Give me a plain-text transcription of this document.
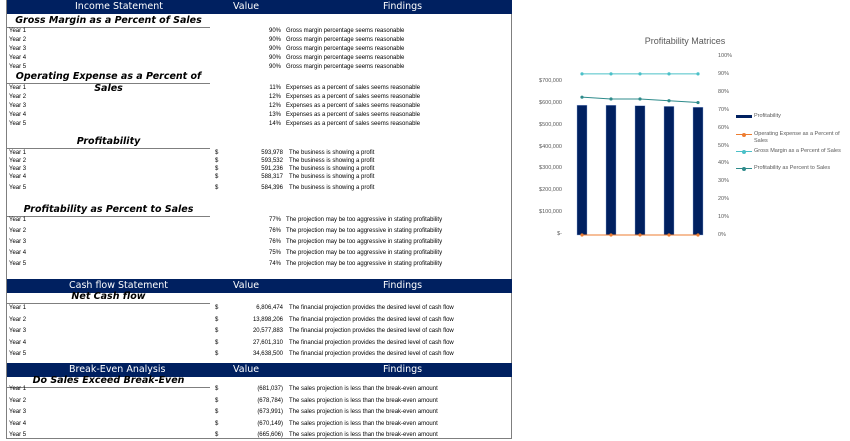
Income Statement	Value	Findings
Gross Margin as a Percent of Sales
Year 1	90% Gross margin percentage seems reasonable
Year 2	90% Gross margin percentage seems reasonable
Year 3	90% Gross margin percentage seems reasonable
Year 4	90% Gross margin percentage seems reasonable
Year 5	90% Gross margin percentage seems reasonable
Operating Expense as a Percent of Sales
Year 1	11% Expenses as a percent of sales seems reasonable
Year 2	12% Expenses as a percent of sales seems reasonable
Year 3	12% Expenses as a percent of sales seems reasonable
Year 4	13% Expenses as a percent of sales seems reasonable
Year 5	14% Expenses as a percent of sales seems reasonable
Profitability
Year 1	$	593,978 The business is showing a profit
Year 2	$	593,532 The business is showing a profit
Year 3	$	591,236 The business is showing a profit
Year 4	$	588,317 The business is showing a profit
Year 5	$	584,396 The business is showing a profit
Profitability as Percent to Sales
Year 1	77% The projection may be too aggressive in stating profitability
Year 2	76% The projection may be too aggressive in stating profitability
Year 3	76% The projection may be too aggressive in stating profitability
Year 4	75% The projection may be too aggressive in stating profitability
Year 5	74% The projection may be too aggressive in stating profitability
Cash flow Statement	Value	Findings
Net Cash flow
Year 1	$	6,806,474 The financial projection provides the desired level of cash flow
Year 2	$	13,898,206 The financial projection provides the desired level of cash flow
Year 3	$	20,577,883 The financial projection provides the desired level of cash flow
Year 4	$	27,601,310 The financial projection provides the desired level of cash flow
Year 5	$	34,638,500 The financial projection provides the desired level of cash flow
Break-Even Analysis	Value	Findings
Do Sales Exceed Break-Even
Year 1	$	(681,037) The sales projection is less than the break-even amount
Year 2	$	(678,784) The sales projection is less than the break-even amount
Year 3	$	(673,991) The sales projection is less than the break-even amount
Year 4	$	(670,149) The sales projection is less than the break-even amount
Year 5	$	(665,606) The sales projection is less than the break-even amount
Profitability Matrices
$700,000
$600,000
$500,000
$400,000
$300,000
$200,000
$100,000
$-
100%
90%
80%
70%
60%
50%
40%
30%
20%
10%
0%
Profitability
Operating Expense as a Percent of Sales
Gross Margin as a Percent of Sales
Profitability as Percent to Sales
